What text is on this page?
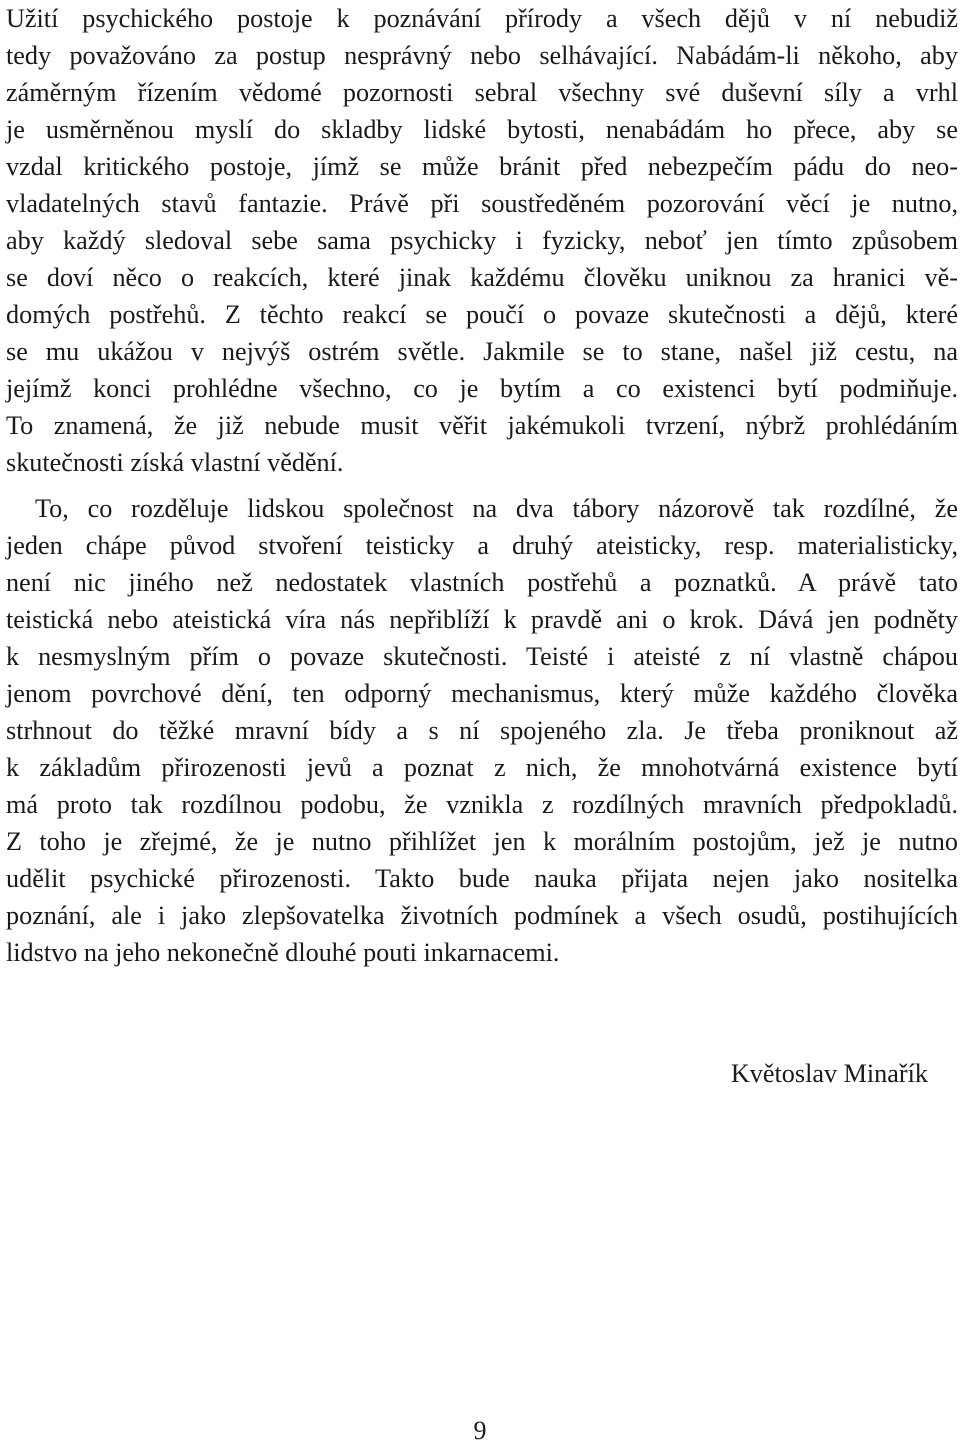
Užití psychického postoje k poznávání přírody a všech dějů v ní nebudiž
tedy považováno za postup nesprávný nebo selhávající. Nabádám-li někoho, aby
záměrným řízením vědomé pozornosti sebral všechny své duševní síly a vrhl
je usměrněnou myslí do skladby lidské bytosti, nenabádám ho přece, aby se
vzdal kritického postoje, jímž se může bránit před nebezpečím pádu do neo-
vladatelných stavů fantazie. Právě při soustředěném pozorování věcí je nutno,
aby každý sledoval sebe sama psychicky i fyzicky, neboť jen tímto způsobem
se doví něco o reakcích, které jinak každému člověku uniknou za hranici vě-
domých postřehů. Z těchto reakcí se poučí o povaze skutečnosti a dějů, které
se mu ukážou v nejvýš ostrém světle. Jakmile se to stane, našel již cestu, na
jejímž konci prohlédne všechno, co je bytím a co existenci bytí podmiňuje.
To znamená, že již nebude musit věřit jakémukoli tvrzení, nýbrž prohlédáním
skutečnosti získá vlastní vědění.
To, co rozděluje lidskou společnost na dva tábory názorově tak rozdílné, že
jeden chápe původ stvoření teisticky a druhý ateisticky, resp. materialisticky,
není nic jiného než nedostatek vlastních postřehů a poznatků. A právě tato
teistická nebo ateistická víra nás nepřiblíží k pravdě ani o krok. Dává jen podněty
k nesmyslným přím o povaze skutečnosti. Teisté i ateisté z ní vlastně chápou
jenom povrchové dění, ten odporný mechanismus, který může každého člověka
strhnout do těžké mravní bídy a s ní spojeného zla. Je třeba proniknout až
k základům přirozenosti jevů a poznat z nich, že mnohotvárná existence bytí
má proto tak rozdílnou podobu, že vznikla z rozdílných mravních předpokladů.
Z toho je zřejmé, že je nutno přihlížet jen k morálním postojům, jež je nutno
udělit psychické přirozenosti. Takto bude nauka přijata nejen jako nositelka
poznání, ale i jako zlepšovatelka životních podmínek a všech osudů, postihujících
lidstvo na jeho nekonečně dlouhé pouti inkarnacemi.
Květoslav Minařík
9
